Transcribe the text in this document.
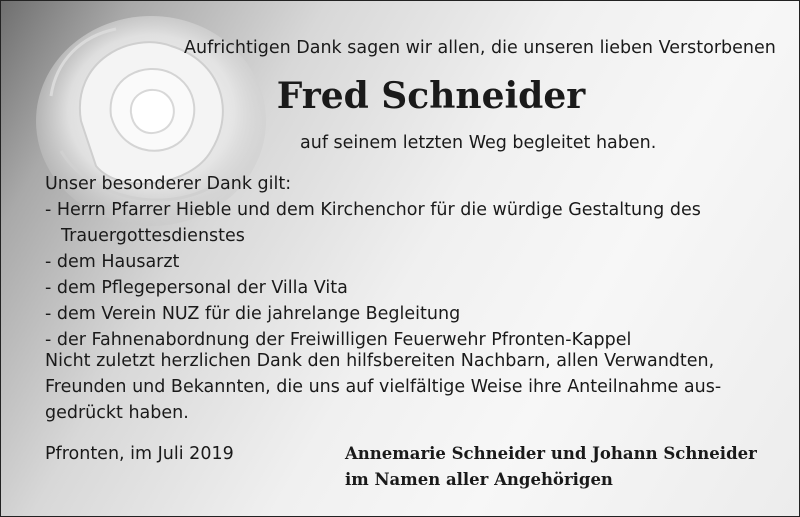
Aufrichtigen Dank sagen wir allen, die unseren lieben Verstorbenen
Fred Schneider
auf seinem letzten Weg begleitet haben.
Unser besonderer Dank gilt:
- Herrn Pfarrer Hieble und dem Kirchenchor für die würdige Gestaltung des
Trauergottesdienstes
- dem Hausarzt
- dem Pflegepersonal der Villa Vita
- dem Verein NUZ für die jahrelange Begleitung
- der Fahnenabordnung der Freiwilligen Feuerwehr Pfronten-Kappel
Nicht zuletzt herzlichen Dank den hilfsbereiten Nachbarn, allen Verwandten,
Freunden und Bekannten, die uns auf vielfältige Weise ihre Anteilnahme aus-
gedrückt haben.
Pfronten, im Juli 2019	Annemarie Schneider und Johann Schneider
im Namen aller Angehörigen
